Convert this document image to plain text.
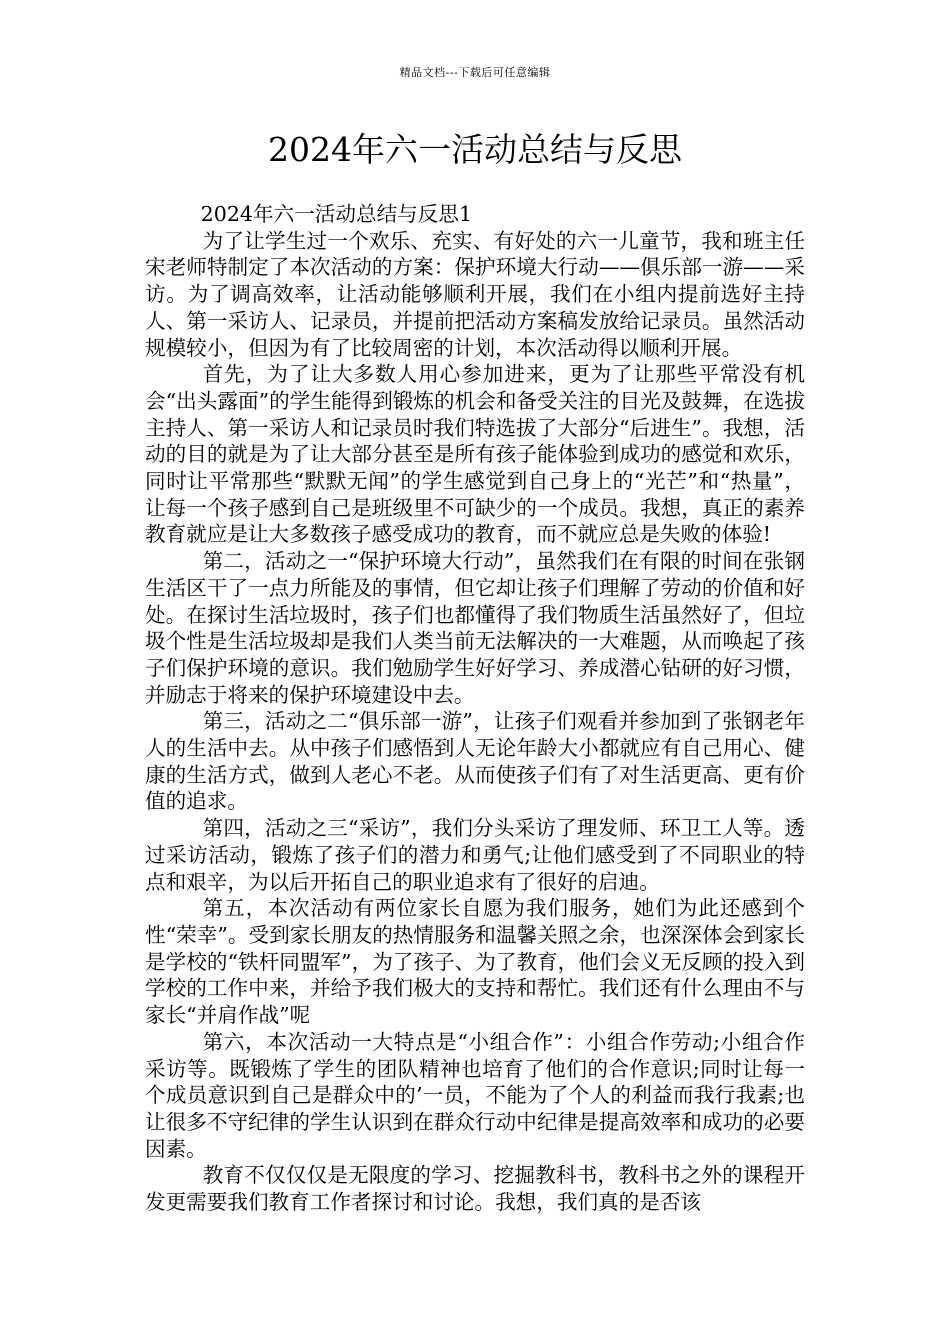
精品文档---下载后可任意编辑
2024年六一活动总结与反思

2024年六一活动总结与反思1

为了让学生过一个欢乐、充实、有好处的六一儿童节，我和班主任宋老师特制定了本次活动的方案：保护环境大行动——俱乐部一游——采访。为了调高效率，让活动能够顺利开展，我们在小组内提前选好主持人、第一采访人、记录员，并提前把活动方案稿发放给记录员。虽然活动规模较小，但因为有了比较周密的计划，本次活动得以顺利开展。

首先，为了让大多数人用心参加进来，更为了让那些平常没有机会“出头露面”的学生能得到锻炼的机会和备受关注的目光及鼓舞，在选拔主持人、第一采访人和记录员时我们特选拔了大部分“后进生”。我想，活动的目的就是为了让大部分甚至是所有孩子能体验到成功的感觉和欢乐，同时让平常那些“默默无闻”的学生感觉到自己身上的“光芒”和“热量”，让每一个孩子感到自己是班级里不可缺少的一个成员。我想，真正的素养教育就应是让大多数孩子感受成功的教育，而不就应总是失败的体验!

第二，活动之一“保护环境大行动”，虽然我们在有限的时间在张钢生活区干了一点力所能及的事情，但它却让孩子们理解了劳动的价值和好处。在探讨生活垃圾时，孩子们也都懂得了我们物质生活虽然好了，但垃圾个性是生活垃圾却是我们人类当前无法解决的一大难题，从而唤起了孩子们保护环境的意识。我们勉励学生好好学习、养成潜心钻研的好习惯，并励志于将来的保护环境建设中去。

第三，活动之二“俱乐部一游”，让孩子们观看并参加到了张钢老年人的生活中去。从中孩子们感悟到人无论年龄大小都就应有自己用心、健康的生活方式，做到人老心不老。从而使孩子们有了对生活更高、更有价值的追求。

第四，活动之三“采访”，我们分头采访了理发师、环卫工人等。透过采访活动，锻炼了孩子们的潜力和勇气;让他们感受到了不同职业的特点和艰辛，为以后开拓自己的职业追求有了很好的启迪。

第五，本次活动有两位家长自愿为我们服务，她们为此还感到个性“荣幸”。受到家长朋友的热情服务和温馨关照之余，也深深体会到家长是学校的“铁杆同盟军”，为了孩子、为了教育，他们会义无反顾的投入到学校的工作中来，并给予我们极大的支持和帮忙。我们还有什么理由不与家长“并肩作战”呢

第六，本次活动一大特点是“小组合作”：小组合作劳动;小组合作采访等。既锻炼了学生的团队精神也培育了他们的合作意识;同时让每一个成员意识到自己是群众中的’一员，不能为了个人的利益而我行我素;也让很多不守纪律的学生认识到在群众行动中纪律是提高效率和成功的必要因素。

教育不仅仅仅是无限度的学习、挖掘教科书，教科书之外的课程开发更需要我们教育工作者探讨和讨论。我想，我们真的是否该
